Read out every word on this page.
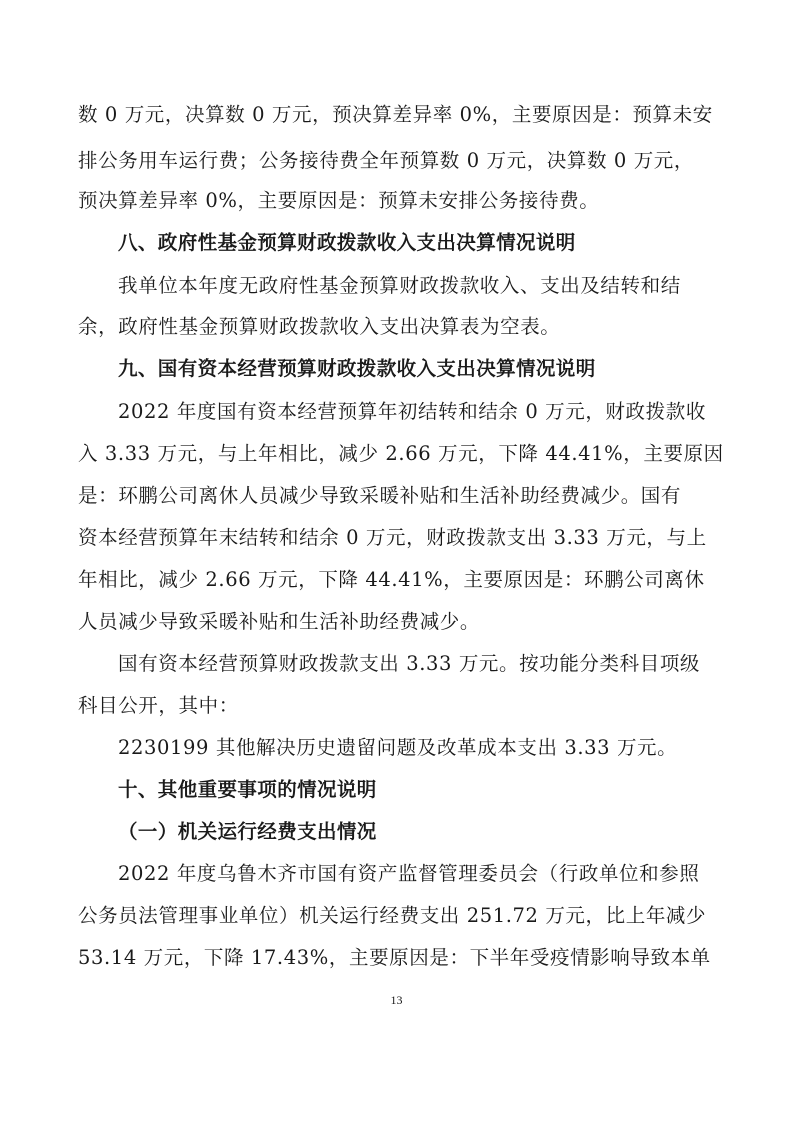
数 0 万元，决算数 0 万元，预决算差异率 0%，主要原因是：预算未安
排公务用车运行费；公务接待费全年预算数 0 万元，决算数 0 万元，
预决算差异率 0%，主要原因是：预算未安排公务接待费。
八、政府性基金预算财政拨款收入支出决算情况说明
我单位本年度无政府性基金预算财政拨款收入、支出及结转和结
余，政府性基金预算财政拨款收入支出决算表为空表。
九、国有资本经营预算财政拨款收入支出决算情况说明
2022 年度国有资本经营预算年初结转和结余 0 万元，财政拨款收
入 3.33 万元，与上年相比，减少 2.66 万元，下降 44.41%，主要原因
是：环鹏公司离休人员减少导致采暖补贴和生活补助经费减少。国有
资本经营预算年末结转和结余 0 万元，财政拨款支出 3.33 万元，与上
年相比，减少 2.66 万元，下降 44.41%，主要原因是：环鹏公司离休
人员减少导致采暖补贴和生活补助经费减少。
国有资本经营预算财政拨款支出 3.33 万元。按功能分类科目项级
科目公开，其中：
2230199 其他解决历史遗留问题及改革成本支出 3.33 万元。
十、其他重要事项的情况说明
（一）机关运行经费支出情况
2022 年度乌鲁木齐市国有资产监督管理委员会（行政单位和参照
公务员法管理事业单位）机关运行经费支出 251.72 万元，比上年减少
53.14 万元，下降 17.43%，主要原因是：下半年受疫情影响导致本单
13
